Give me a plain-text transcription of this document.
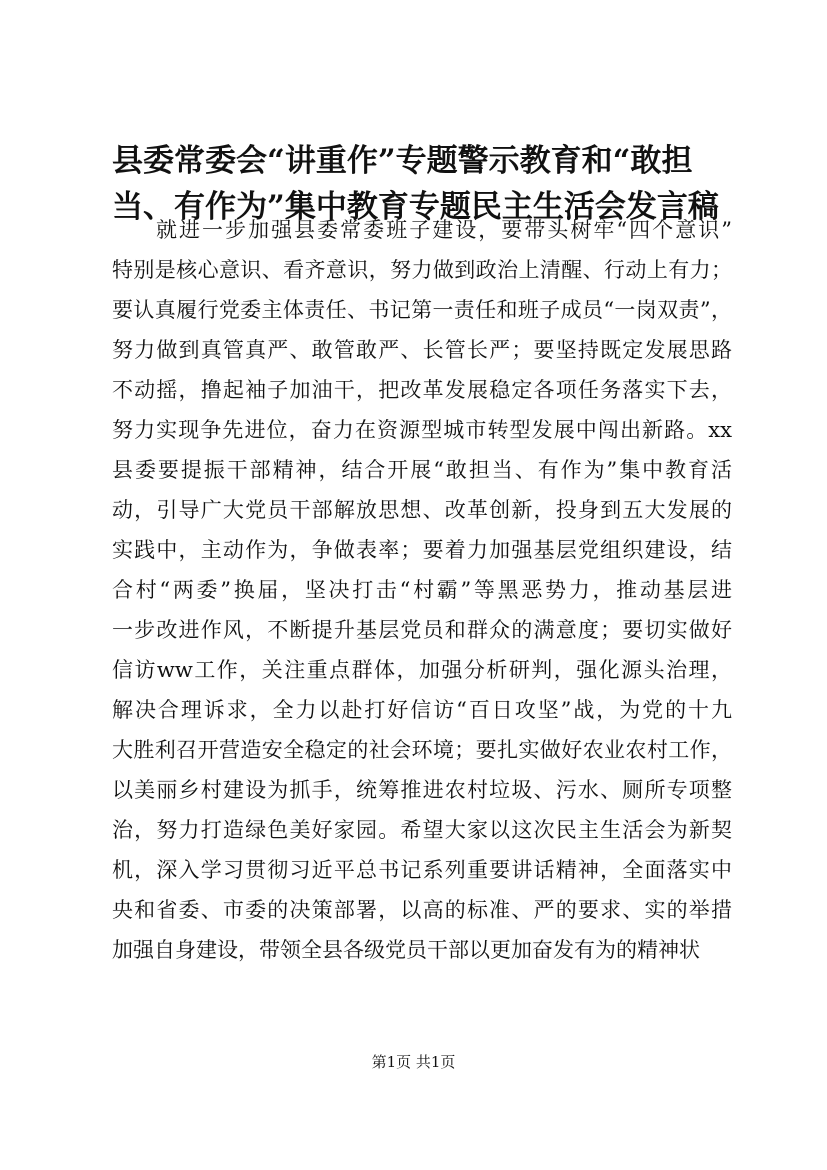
县委常委会“讲重作”专题警示教育和“敢担
当、有作为”集中教育专题民主生活会发言稿
就进一步加强县委常委班子建设，要带头树牢“四个意识”
特别是核心意识、看齐意识，努力做到政治上清醒、行动上有力；
要认真履行党委主体责任、书记第一责任和班子成员“一岗双责”，
努力做到真管真严、敢管敢严、长管长严；要坚持既定发展思路
不动摇，撸起袖子加油干，把改革发展稳定各项任务落实下去，
努力实现争先进位，奋力在资源型城市转型发展中闯出新路。xx
县委要提振干部精神，结合开展“敢担当、有作为”集中教育活
动，引导广大党员干部解放思想、改革创新，投身到五大发展的
实践中，主动作为，争做表率；要着力加强基层党组织建设，结
合村“两委”换届，坚决打击“村霸”等黑恶势力，推动基层进
一步改进作风，不断提升基层党员和群众的满意度；要切实做好
信访ww工作，关注重点群体，加强分析研判，强化源头治理，
解决合理诉求，全力以赴打好信访“百日攻坚”战，为党的十九
大胜利召开营造安全稳定的社会环境；要扎实做好农业农村工作，
以美丽乡村建设为抓手，统筹推进农村垃圾、污水、厕所专项整
治，努力打造绿色美好家园。希望大家以这次民主生活会为新契
机，深入学习贯彻习近平总书记系列重要讲话精神，全面落实中
央和省委、市委的决策部署，以高的标准、严的要求、实的举措
加强自身建设，带领全县各级党员干部以更加奋发有为的精神状
第1页 共1页
